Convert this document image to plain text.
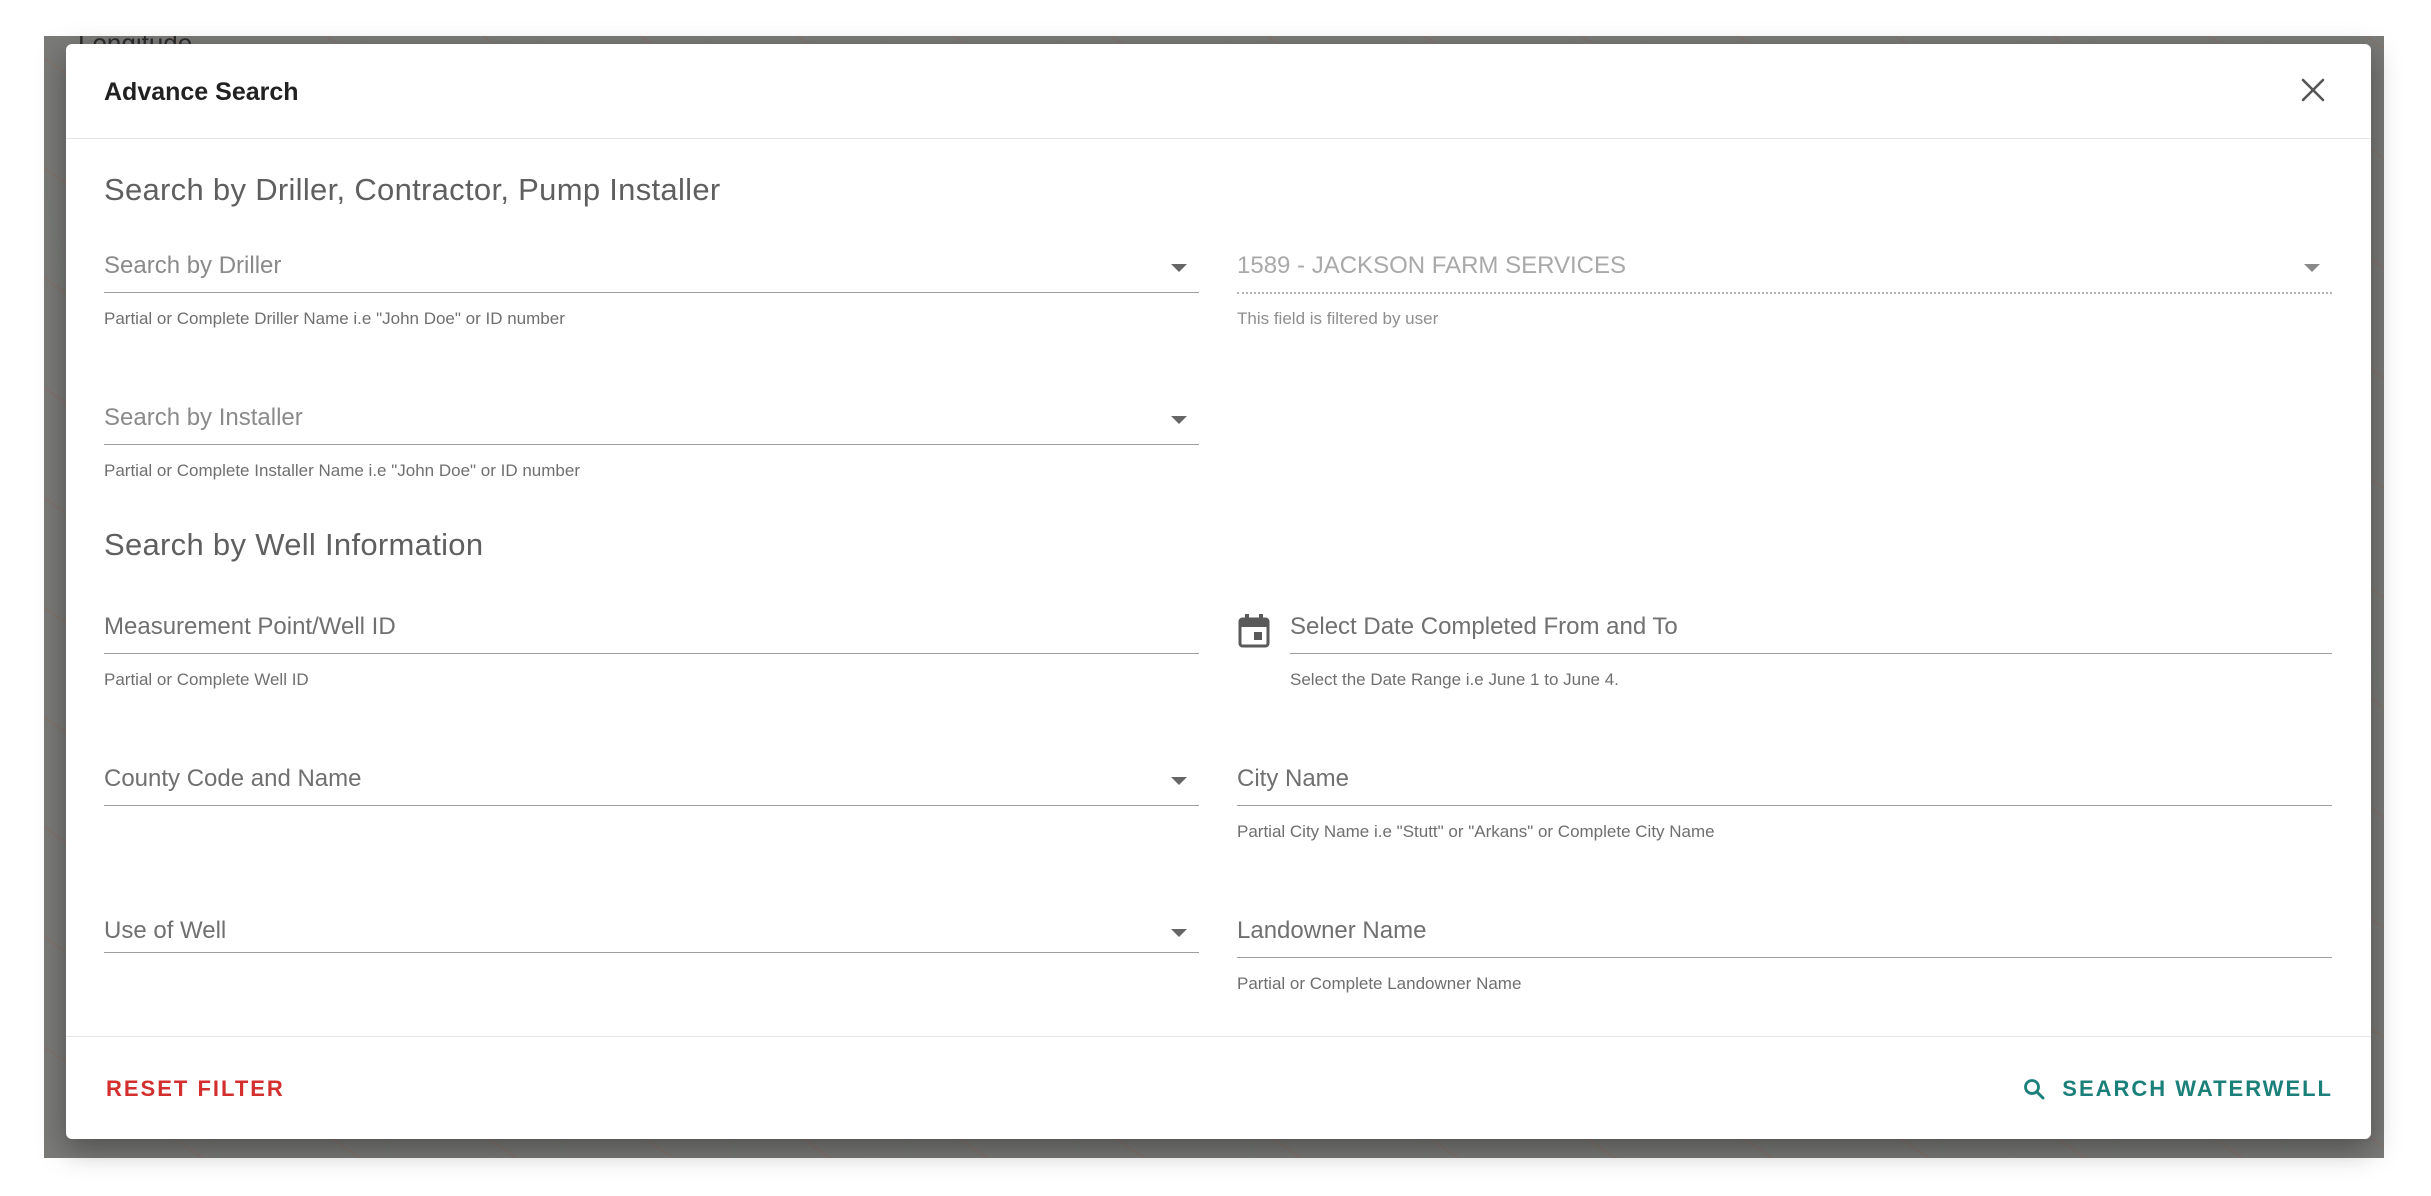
Advance Search
Search by Driller, Contractor, Pump Installer
Search by Driller
Partial or Complete Driller Name i.e "John Doe" or ID number
1589 - JACKSON FARM SERVICES
This field is filtered by user
Search by Installer
Partial or Complete Installer Name i.e "John Doe" or ID number
Search by Well Information
Measurement Point/Well ID
Partial or Complete Well ID
Select Date Completed From and To
Select the Date Range i.e June 1 to June 4.
County Code and Name	City Name
Partial City Name i.e "Stutt" or "Arkans" or Complete City Name
Use of Well	Landowner Name
Partial or Complete Landowner Name
RESET FILTER	SEARCH WATERWELL
